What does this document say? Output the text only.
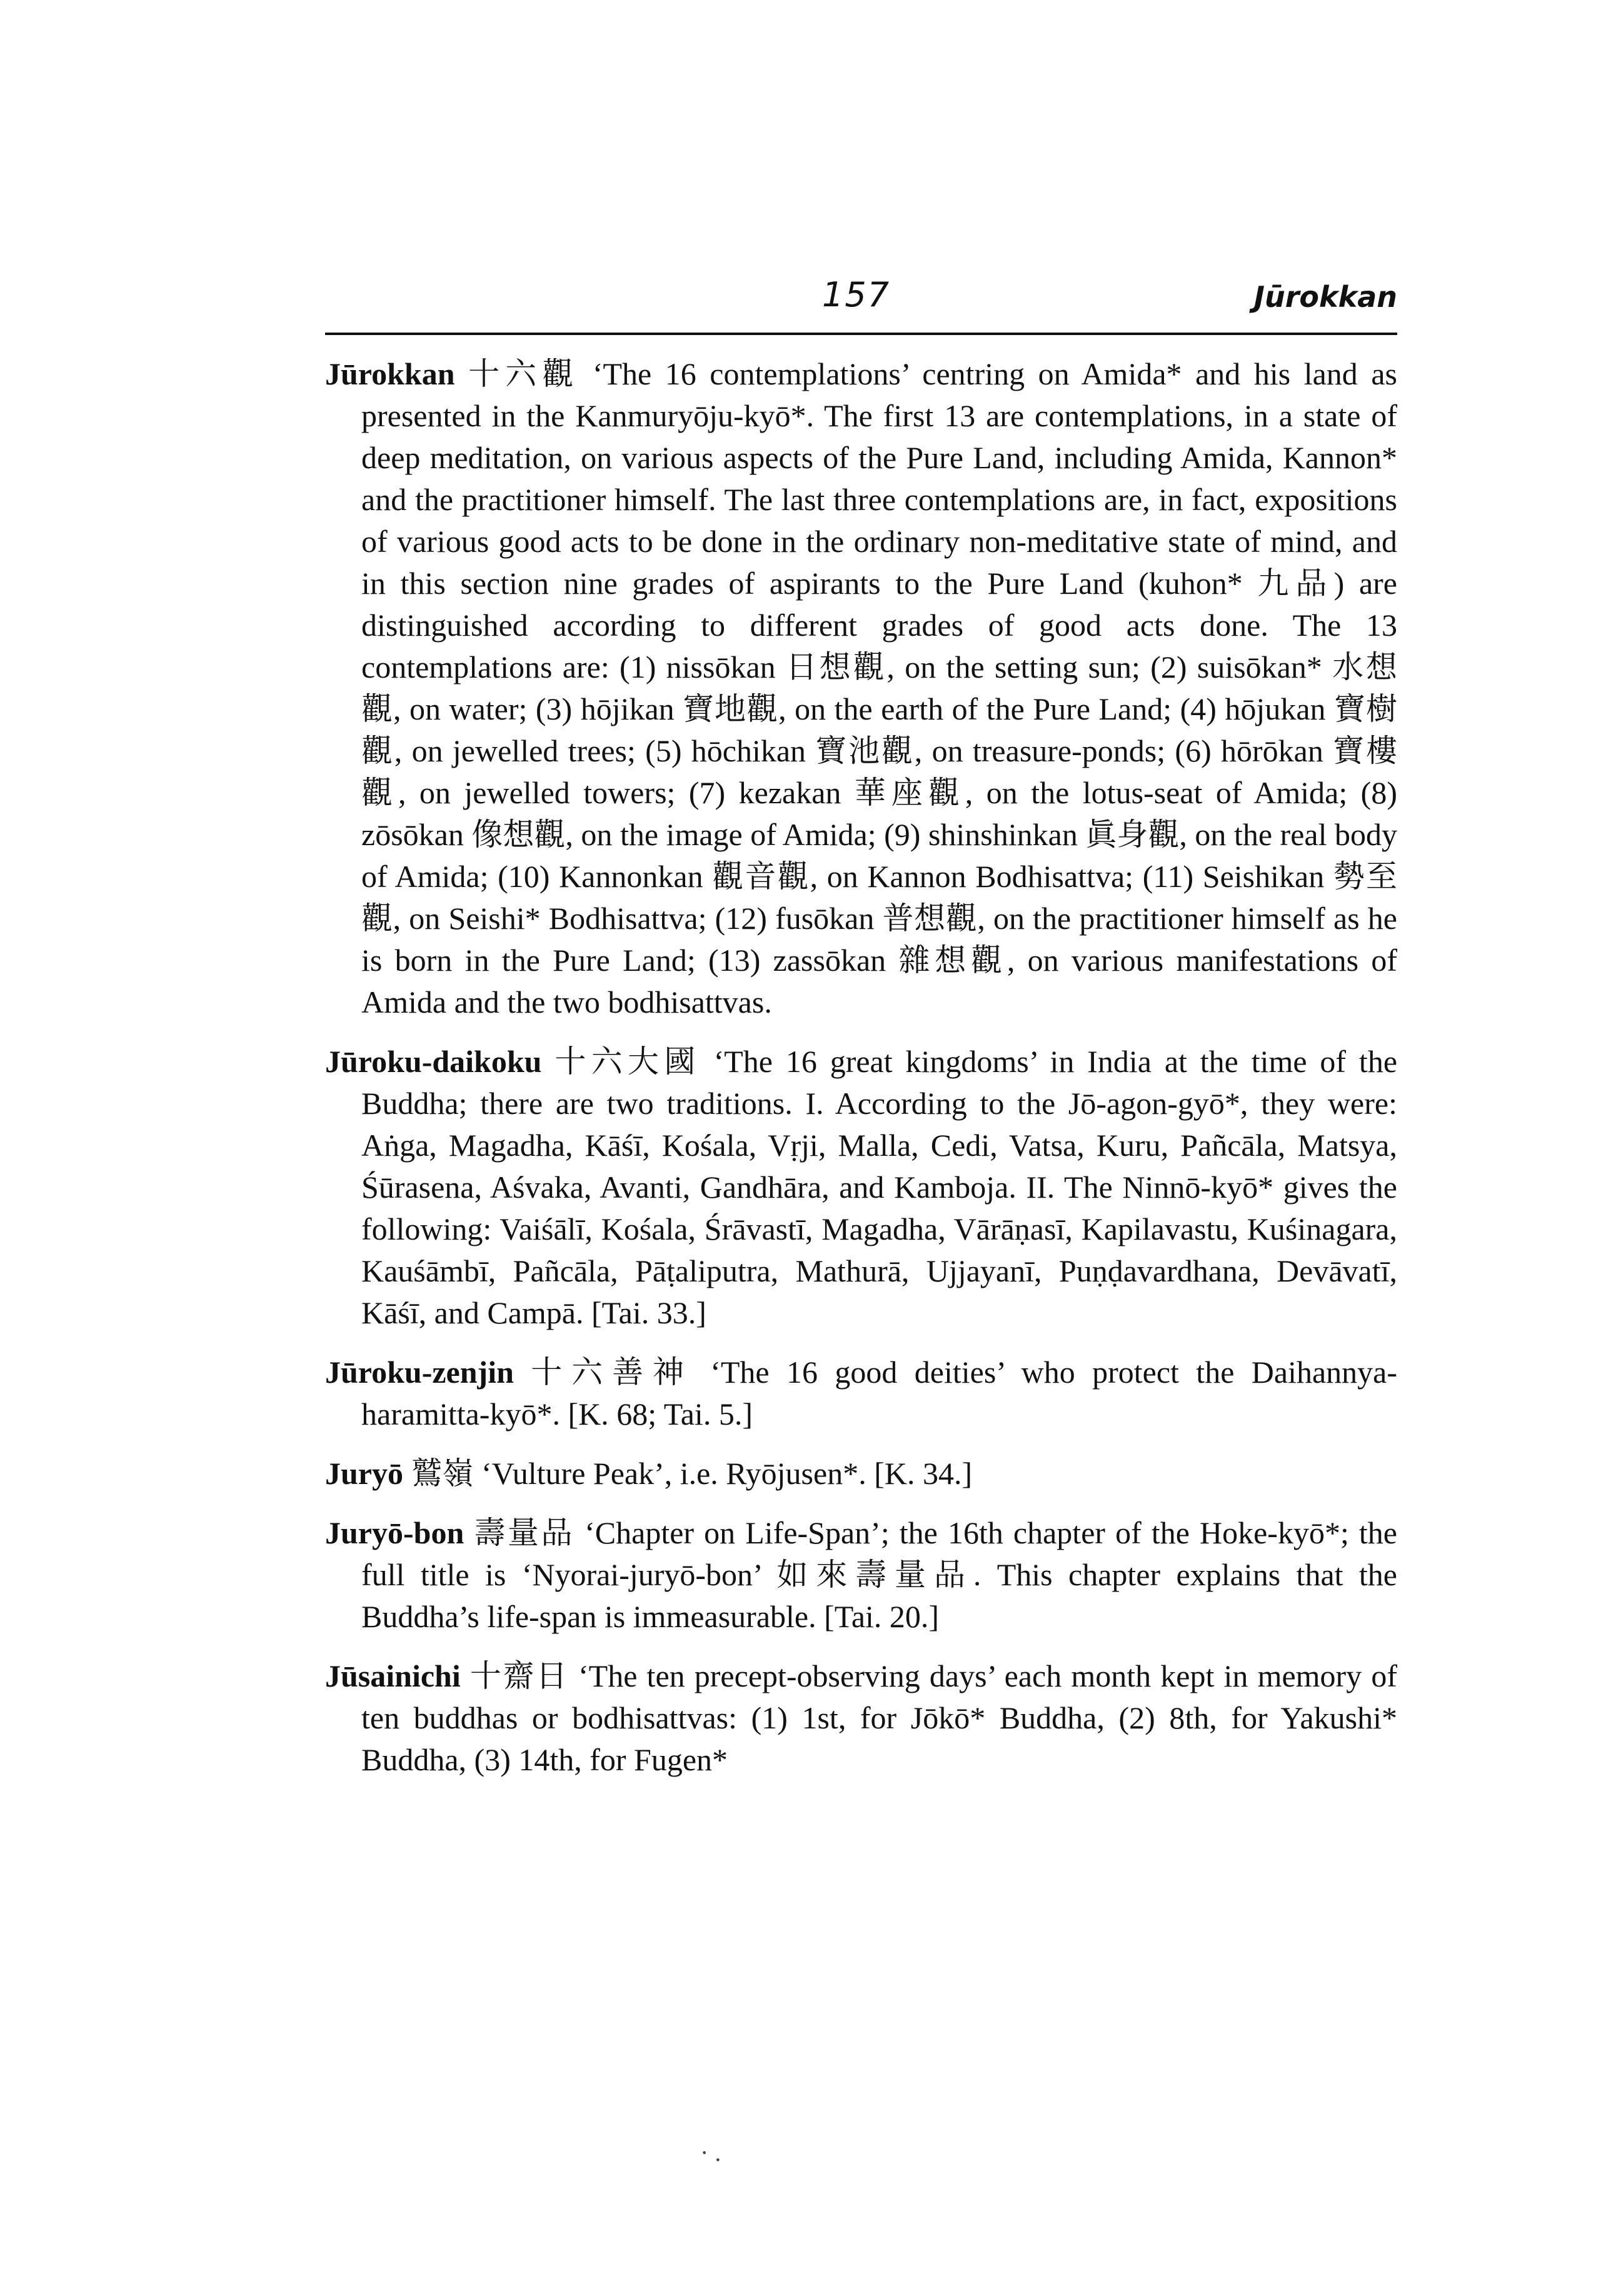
157	Jūrokkan
Jūrokkan 十六觀 ‘The 16 contemplations’ centring on Amida* and his land as presented in the Kanmuryōju-kyō*. The first 13 are contemplations, in a state of deep meditation, on various aspects of the Pure Land, including Amida, Kannon* and the practitioner himself. The last three contemplations are, in fact, expositions of various good acts to be done in the ordinary non-meditative state of mind, and in this section nine grades of aspirants to the Pure Land (kuhon* 九品) are distinguished according to different grades of good acts done. The 13 contemplations are: (1) nissōkan 日想觀, on the setting sun; (2) suisōkan* 水想觀, on water; (3) hōjikan 寶地觀, on the earth of the Pure Land; (4) hōjukan 寶樹觀, on jewelled trees; (5) hōchikan 寶池觀, on treasure-ponds; (6) hōrōkan 寶樓觀, on jewelled towers; (7) kezakan 華座觀, on the lotus-seat of Amida; (8) zōsōkan 像想觀, on the image of Amida; (9) shinshinkan 眞身觀, on the real body of Amida; (10) Kannonkan 觀音觀, on Kannon Bodhisattva; (11) Seishikan 勢至觀, on Seishi* Bodhisattva; (12) fusōkan 普想觀, on the practitioner himself as he is born in the Pure Land; (13) zassōkan 雜想觀, on various manifestations of Amida and the two bodhisattvas.
Jūroku-daikoku 十六大國 ‘The 16 great kingdoms’ in India at the time of the Buddha; there are two traditions. I. According to the Jō-agon-gyō*, they were: Aṅga, Magadha, Kāśī, Kośala, Vṛji, Malla, Cedi, Vatsa, Kuru, Pañcāla, Matsya, Śūrasena, Aśvaka, Avanti, Gandhāra, and Kamboja. II. The Ninnō-kyō* gives the following: Vaiśālī, Kośala, Śrāvastī, Magadha, Vārāṇasī, Kapilavastu, Kuśinagara, Kauśāmbī, Pañcāla, Pāṭaliputra, Mathurā, Ujjayanī, Puṇḍavardhana, Devāvatī, Kāśī, and Campā. [Tai. 33.]
Jūroku-zenjin 十六善神 ‘The 16 good deities’ who protect the Daihannya-haramitta-kyō*. [K. 68; Tai. 5.]
Juryō 鷲嶺 ‘Vulture Peak’, i.e. Ryōjusen*. [K. 34.]
Juryō-bon 壽量品 ‘Chapter on Life-Span’; the 16th chapter of the Hoke-kyō*; the full title is ‘Nyorai-juryō-bon’ 如來壽量品. This chapter explains that the Buddha’s life-span is immeasurable. [Tai. 20.]
Jūsainichi 十齋日 ‘The ten precept-observing days’ each month kept in memory of ten buddhas or bodhisattvas: (1) 1st, for Jōkō* Buddha, (2) 8th, for Yakushi* Buddha, (3) 14th, for Fugen*
· .
